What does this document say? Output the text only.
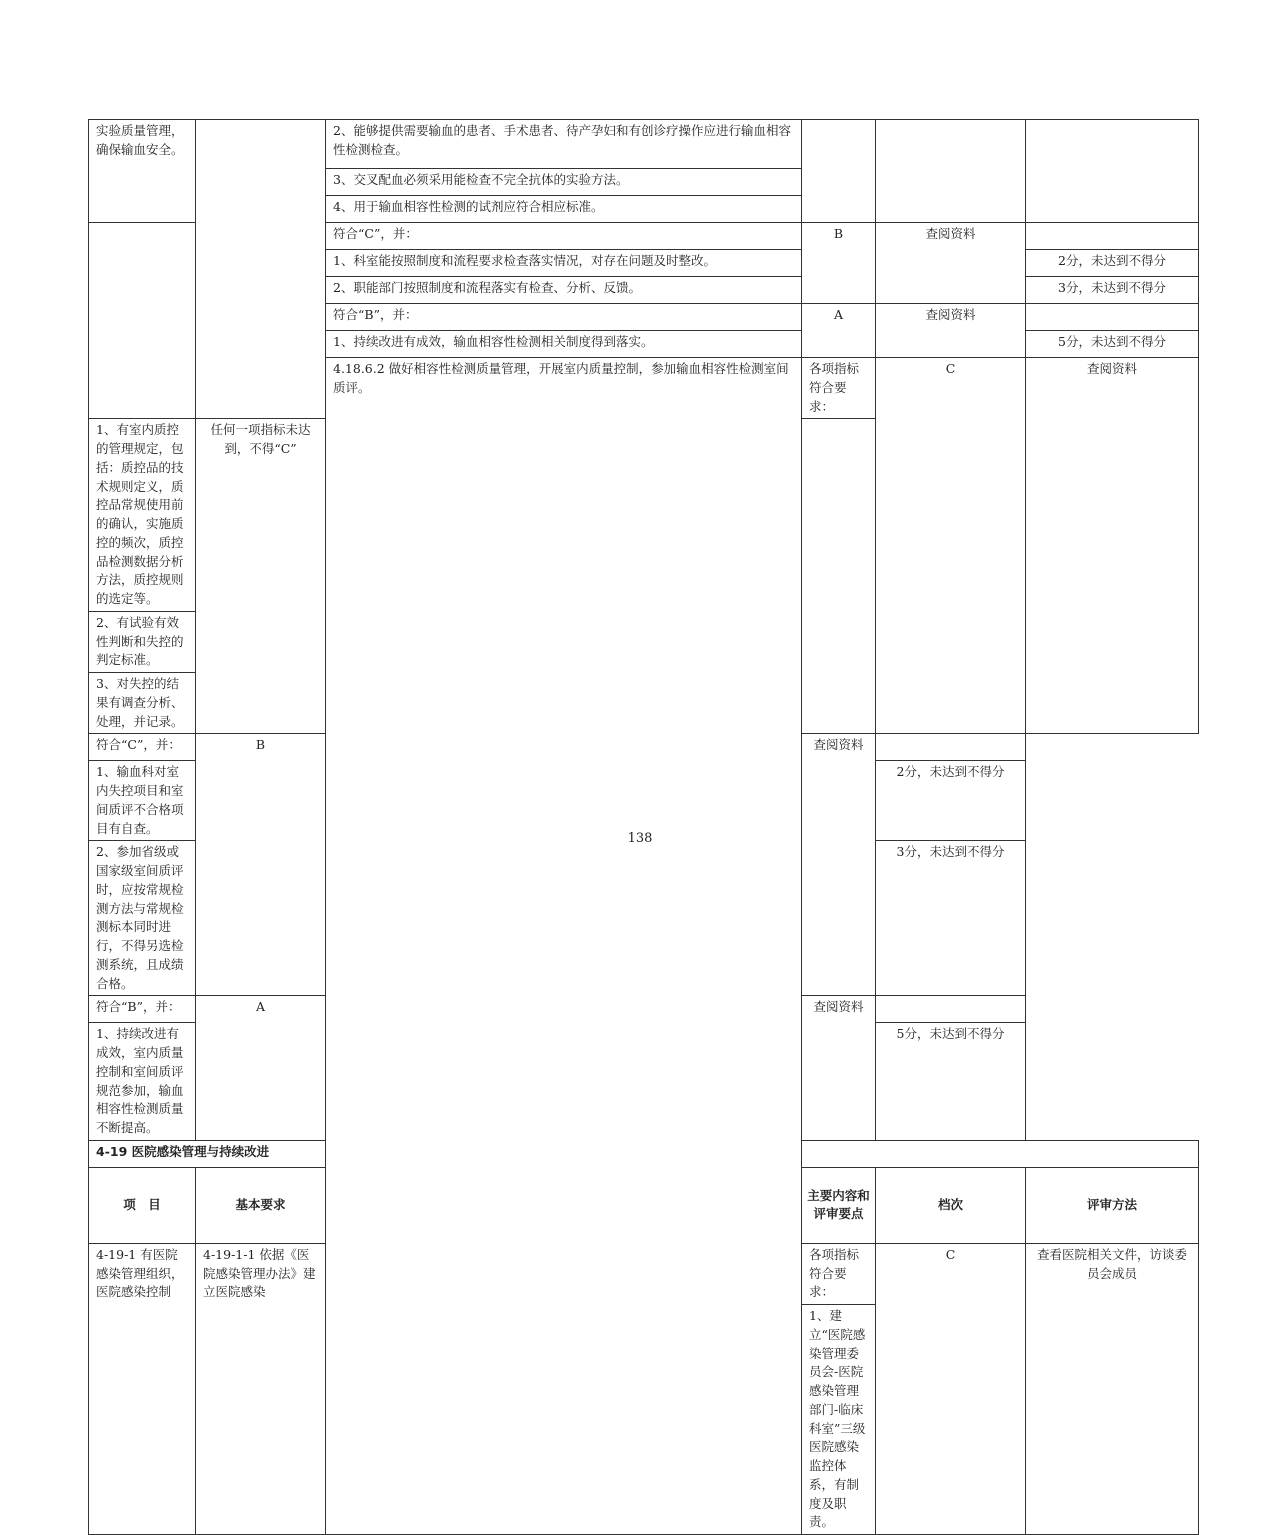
实验质量管理，确保输血安全。		2、能够提供需要输血的患者、手术患者、待产孕妇和有创诊疗操作应进行输血相容性检测检查。				
		3、交叉配血必须采用能检查不完全抗体的实验方法。				
		4、用于输血相容性检测的试剂应符合相应标准。				
		符合“C”，并：	B	查阅资料		
		1、科室能按照制度和流程要求检查落实情况，对存在问题及时整改。			2分，未达到不得分	
		2、职能部门按照制度和流程落实有检查、分析、反馈。			3分，未达到不得分	
		符合“B”，并：	A	查阅资料		
		1、持续改进有成效，输血相容性检测相关制度得到落实。			5分，未达到不得分	
		4.18.6.2 做好相容性检测质量管理，开展室内质量控制，参加输血相容性检测室间质评。	各项指标符合要求：	C	查阅资料	
1、有室内质控的管理规定，包括：质控品的技术规则定义，质控品常规使用前的确认，实施质控的频次，质控品检测数据分析方法，质控规则的选定等。	任何一项指标未达到，不得“C”					
2、有试验有效性判断和失控的判定标准。						
3、对失控的结果有调查分析、处理，并记录。						
符合“C”，并：	B		查阅资料			
1、输血科对室内失控项目和室间质评不合格项目有自查。				2分，未达到不得分		
2、参加省级或国家级室间质评时，应按常规检测方法与常规检测标本同时进行，不得另选检测系统，且成绩合格。				3分，未达到不得分		
符合“B”，并：	A		查阅资料			
1、持续改进有成效，室内质量控制和室间质评规范参加，输血相容性检测质量不断提高。				5分，未达到不得分		
4-19 医院感染管理与持续改进						
项　目	基本要求		主要内容和评审要点	档次	评审方法	
4-19-1 有医院感染管理组织，医院感染控制	4-19-1-1 依据《医院感染管理办法》建立医院感染		各项指标符合要求：	C	查看医院相关文件，访谈委员会成员	
			1、建立“医院感染管理委员会-医院感染管理部门-临床科室”三级医院感染监控体系，有制 度及职责。			
138
